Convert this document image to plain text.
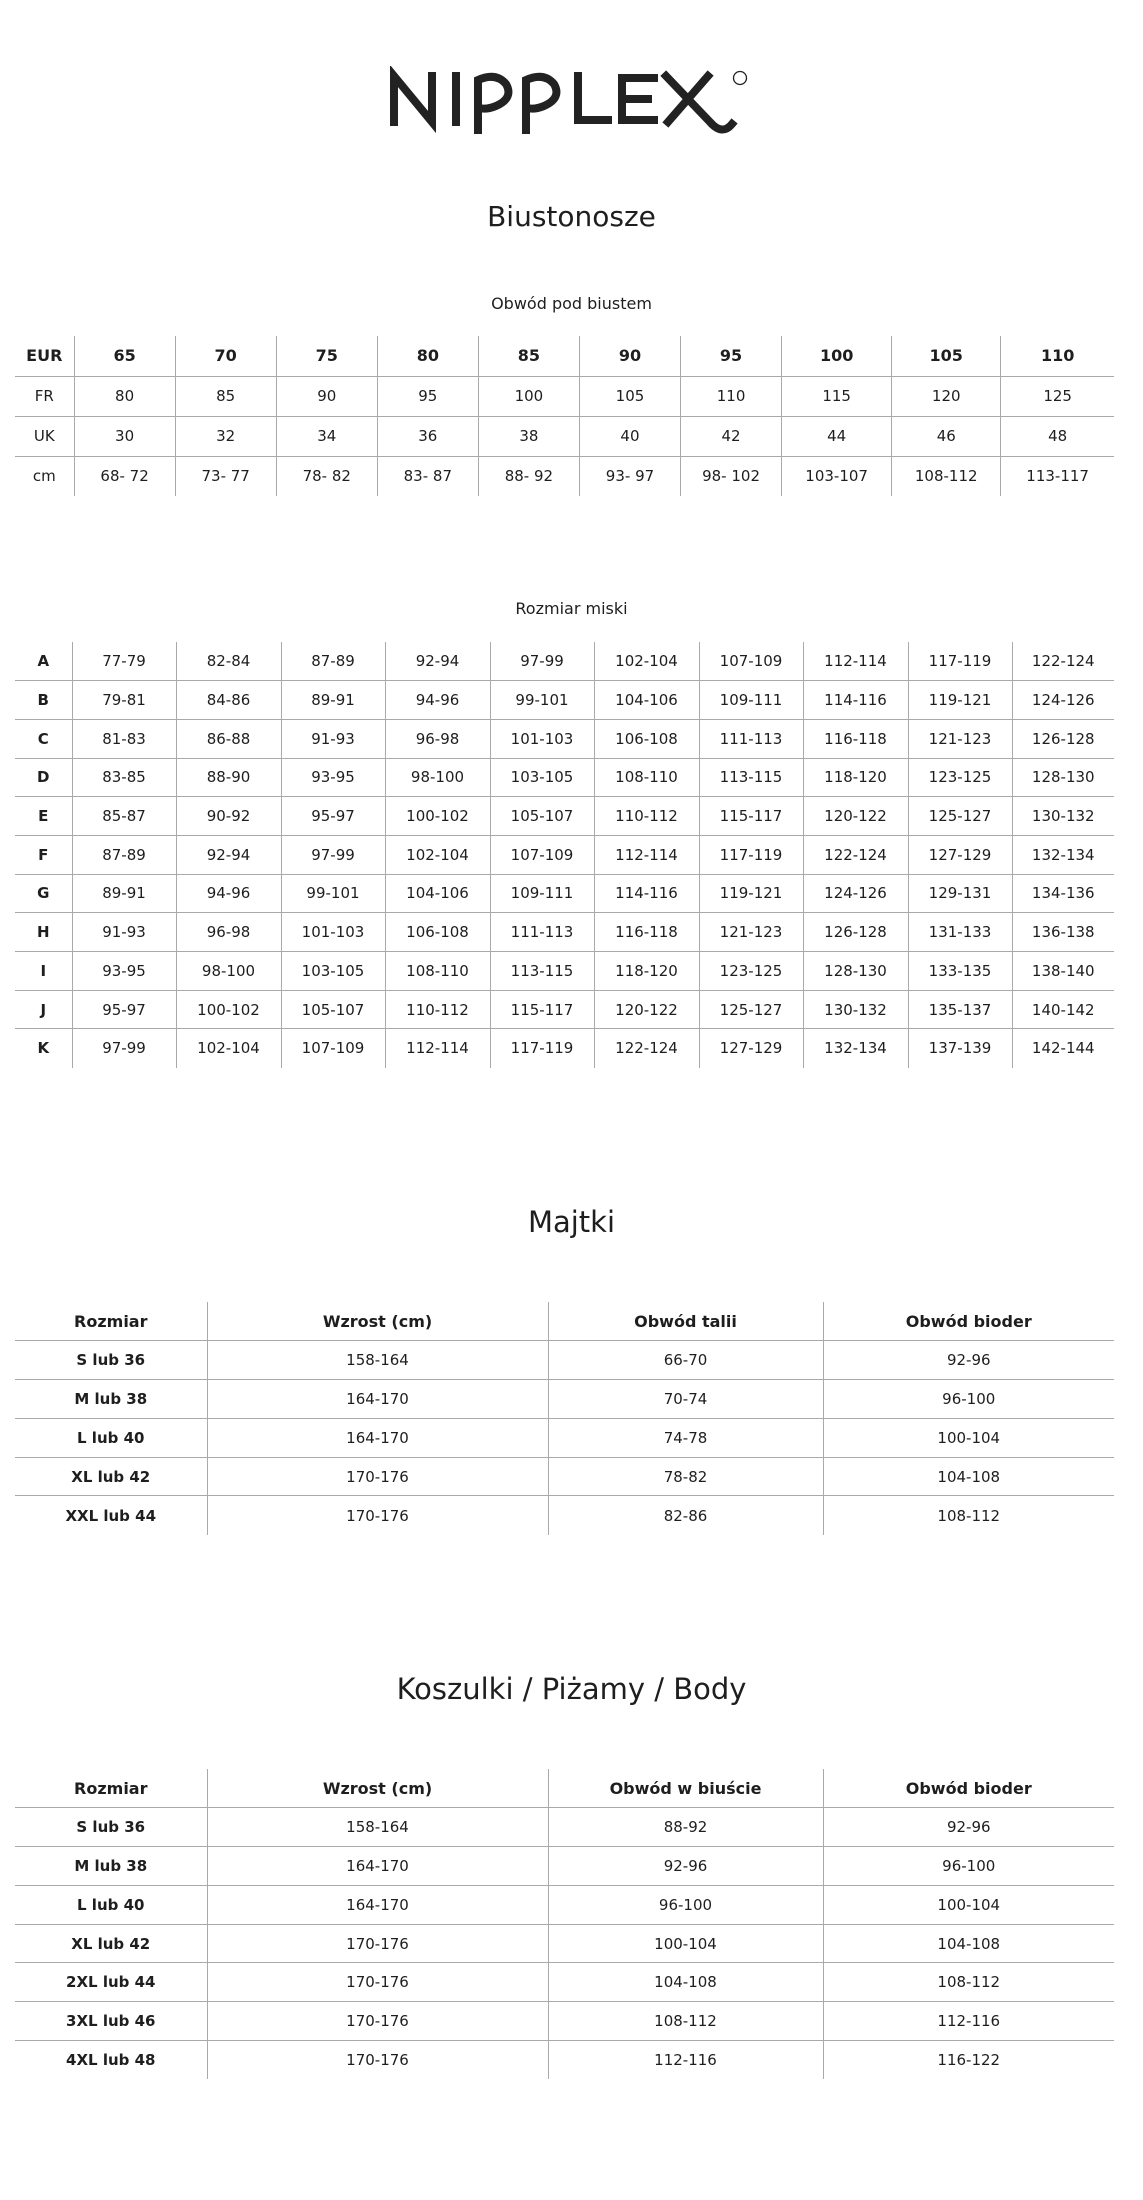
Biustonosze
Obwód pod biustem
EUR	65	70	75	80	85	90	95	100	105	110
FR	80	85	90	95	100	105	110	115	120	125
UK	30	32	34	36	38	40	42	44	46	48
cm	68- 72	73- 77	78- 82	83- 87	88- 92	93- 97	98- 102	103-107	108-112	113-117
Rozmiar miski
A	77-79	82-84	87-89	92-94	97-99	102-104	107-109	112-114	117-119	122-124
B	79-81	84-86	89-91	94-96	99-101	104-106	109-111	114-116	119-121	124-126
C	81-83	86-88	91-93	96-98	101-103	106-108	111-113	116-118	121-123	126-128
D	83-85	88-90	93-95	98-100	103-105	108-110	113-115	118-120	123-125	128-130
E	85-87	90-92	95-97	100-102	105-107	110-112	115-117	120-122	125-127	130-132
F	87-89	92-94	97-99	102-104	107-109	112-114	117-119	122-124	127-129	132-134
G	89-91	94-96	99-101	104-106	109-111	114-116	119-121	124-126	129-131	134-136
H	91-93	96-98	101-103	106-108	111-113	116-118	121-123	126-128	131-133	136-138
I	93-95	98-100	103-105	108-110	113-115	118-120	123-125	128-130	133-135	138-140
J	95-97	100-102	105-107	110-112	115-117	120-122	125-127	130-132	135-137	140-142
K	97-99	102-104	107-109	112-114	117-119	122-124	127-129	132-134	137-139	142-144
Majtki
Rozmiar	Wzrost (cm)	Obwód talii	Obwód bioder
S lub 36	158-164	66-70	92-96
M lub 38	164-170	70-74	96-100
L lub 40	164-170	74-78	100-104
XL lub 42	170-176	78-82	104-108
XXL lub 44	170-176	82-86	108-112
Koszulki / Piżamy / Body
Rozmiar	Wzrost (cm)	Obwód w biuście	Obwód bioder
S lub 36	158-164	88-92	92-96
M lub 38	164-170	92-96	96-100
L lub 40	164-170	96-100	100-104
XL lub 42	170-176	100-104	104-108
2XL lub 44	170-176	104-108	108-112
3XL lub 46	170-176	108-112	112-116
4XL lub 48	170-176	112-116	116-122
